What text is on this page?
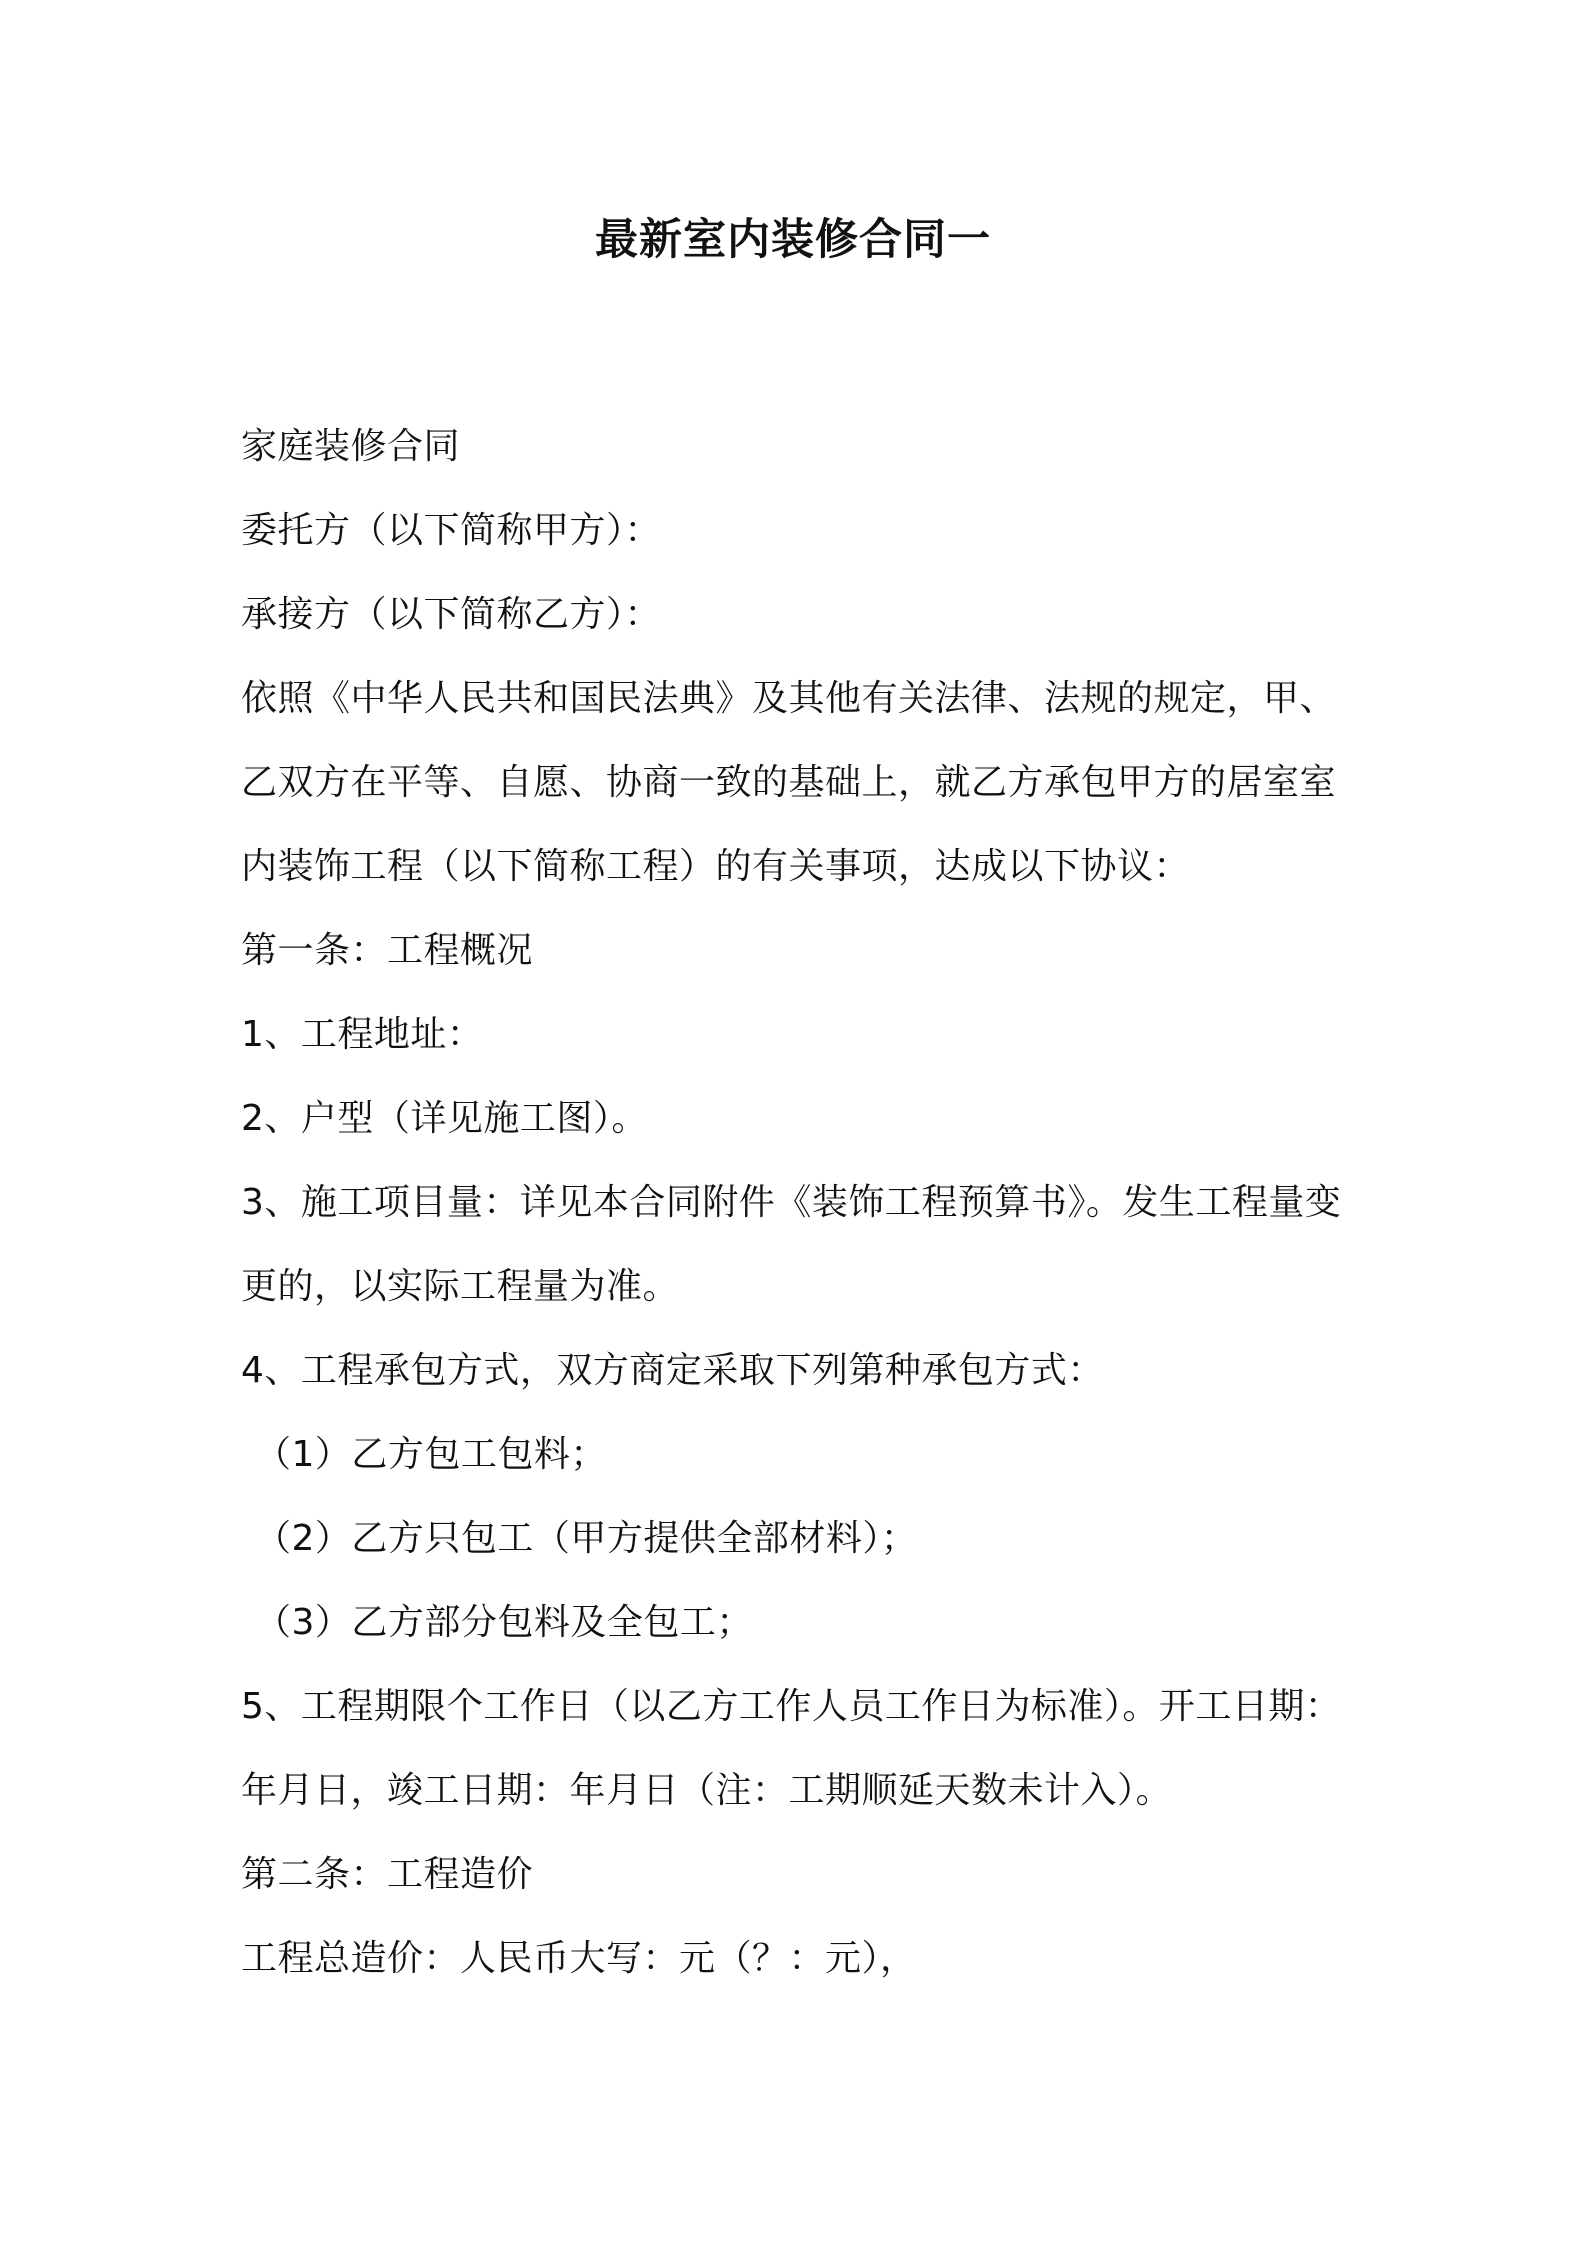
最新室内装修合同一
家庭装修合同
委托方（以下简称甲方）：
承接方（以下简称乙方）：
依照《中华人民共和国民法典》及其他有关法律、法规的规定，甲、
乙双方在平等、自愿、协商一致的基础上，就乙方承包甲方的居室室
内装饰工程（以下简称工程）的有关事项，达成以下协议：
第一条：工程概况
1、工程地址：
2、户型（详见施工图）。
3、施工项目量：详见本合同附件《装饰工程预算书》。发生工程量变
更的，以实际工程量为准。
4、工程承包方式，双方商定采取下列第种承包方式：
（1）乙方包工包料；
（2）乙方只包工（甲方提供全部材料）；
（3）乙方部分包料及全包工；
5、工程期限个工作日（以乙方工作人员工作日为标准）。开工日期：
年月日，竣工日期：年月日（注：工期顺延天数未计入）。
第二条：工程造价
工程总造价：人民币大写：元（？：元），
